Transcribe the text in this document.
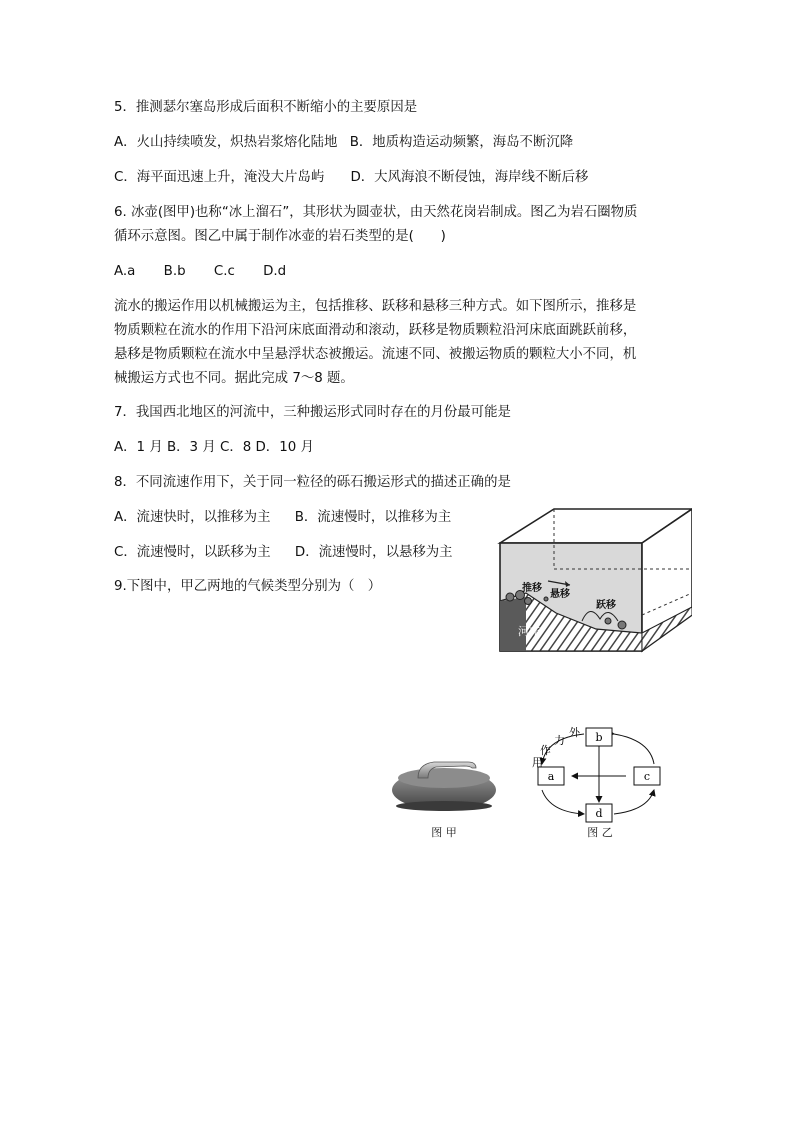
5．推测瑟尔塞岛形成后面积不断缩小的主要原因是
A．火山持续喷发，炽热岩浆熔化陆地 B．地质构造运动频繁，海岛不断沉降
C．海平面迅速上升，淹没大片岛屿 D．大风海浪不断侵蚀，海岸线不断后移
6. 冰壶(图甲)也称“冰上溜石”，其形状为圆壶状，由天然花岗岩制成。图乙为岩石圈物质
循环示意图。图乙中属于制作冰壶的岩石类型的是(　　)
A.a B.b C.c D.d
流水的搬运作用以机械搬运为主，包括推移、跃移和悬移三种方式。如下图所示，推移是
物质颗粒在流水的作用下沿河床底面滑动和滚动，跃移是物质颗粒沿河床底面跳跃前移，
悬移是物质颗粒在流水中呈悬浮状态被搬运。流速不同、被搬运物质的颗粒大小不同，机
械搬运方式也不同。据此完成 7～8 题。
7．我国西北地区的河流中，三种搬运形式同时存在的月份最可能是
A．1 月 B．3 月 C．8 D．10 月
8．不同流速作用下，关于同一粒径的砾石搬运形式的描述正确的是
A．流速快时，以推移为主 B．流速慢时，以推移为主
C．流速慢时，以跃移为主 D．流速慢时，以悬移为主
9.下图中，甲乙两地的气候类型分别为（　）	推移
悬移
跃移
河床
图 甲
b
a	c
d
外
力
作
用
图 乙
